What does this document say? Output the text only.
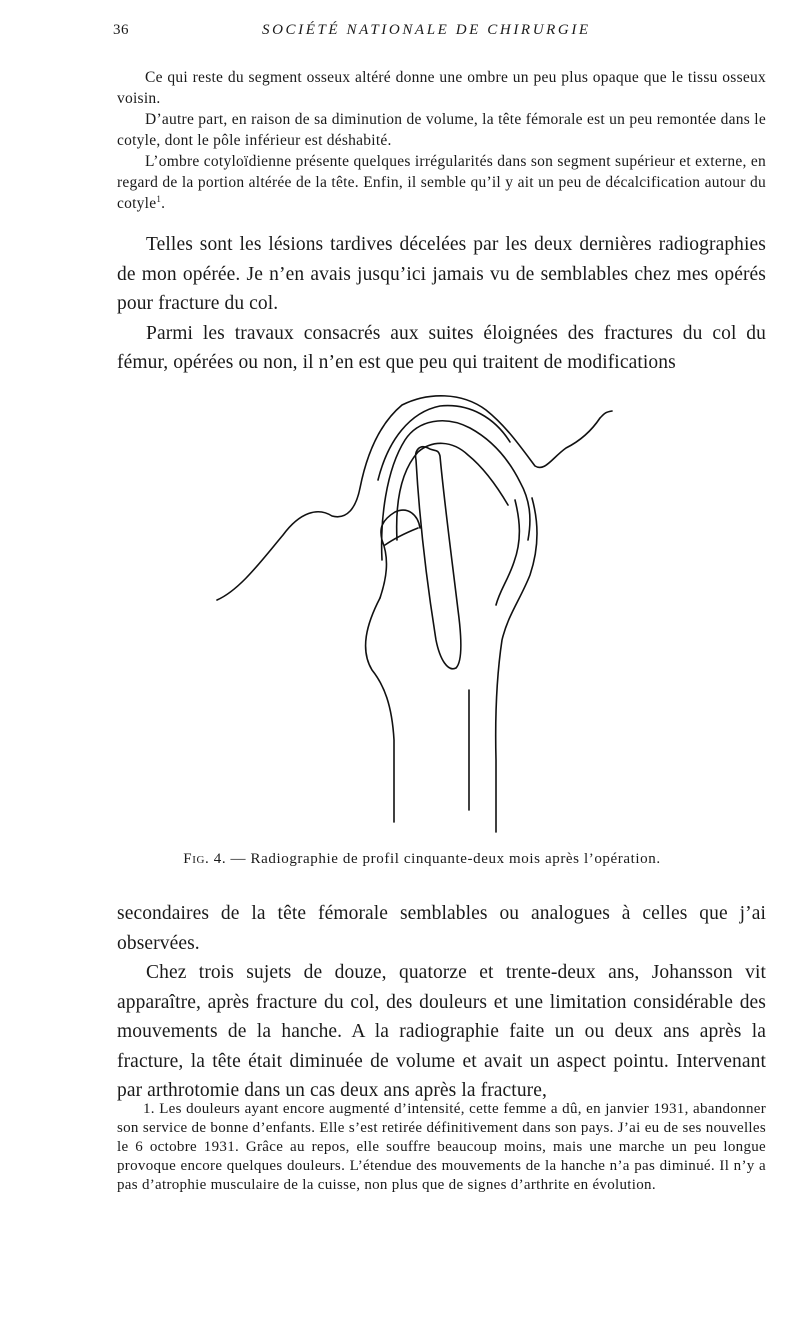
36	SOCIÉTÉ NATIONALE DE CHIRURGIE

Ce qui reste du segment osseux altéré donne une ombre un peu plus opaque que le tissu osseux voisin.

D’autre part, en raison de sa diminution de volume, la tête fémorale est un peu remontée dans le cotyle, dont le pôle inférieur est déshabité.

L’ombre cotyloïdienne présente quelques irrégularités dans son segment supérieur et externe, en regard de la portion altérée de la tête. Enfin, il semble qu’il y ait un peu de décalcification autour du cotyle$^1$.

Telles sont les lésions tardives décelées par les deux dernières radiographies de mon opérée. Je n’en avais jusqu’ici jamais vu de semblables chez mes opérés pour fracture du col.

Parmi les travaux consacrés aux suites éloignées des fractures du col du fémur, opérées ou non, il n’en est que peu qui traitent de modifications

Fig. 4. — Radiographie de profil cinquante-deux mois après l’opération.

secondaires de la tête fémorale semblables ou analogues à celles que j’ai observées.

Chez trois sujets de douze, quatorze et trente-deux ans, Johansson vit apparaître, après fracture du col, des douleurs et une limitation considérable des mouvements de la hanche. A la radiographie faite un ou deux ans après la fracture, la tête était diminuée de volume et avait un aspect pointu. Intervenant par arthrotomie dans un cas deux ans après la fracture,

1. Les douleurs ayant encore augmenté d’intensité, cette femme a dû, en janvier 1931, abandonner son service de bonne d’enfants. Elle s’est retirée définitivement dans son pays. J’ai eu de ses nouvelles le 6 octobre 1931. Grâce au repos, elle souffre beaucoup moins, mais une marche un peu longue provoque encore quelques douleurs. L’étendue des mouvements de la hanche n’a pas diminué. Il n’y a pas d’atrophie musculaire de la cuisse, non plus que de signes d’arthrite en évolution.
